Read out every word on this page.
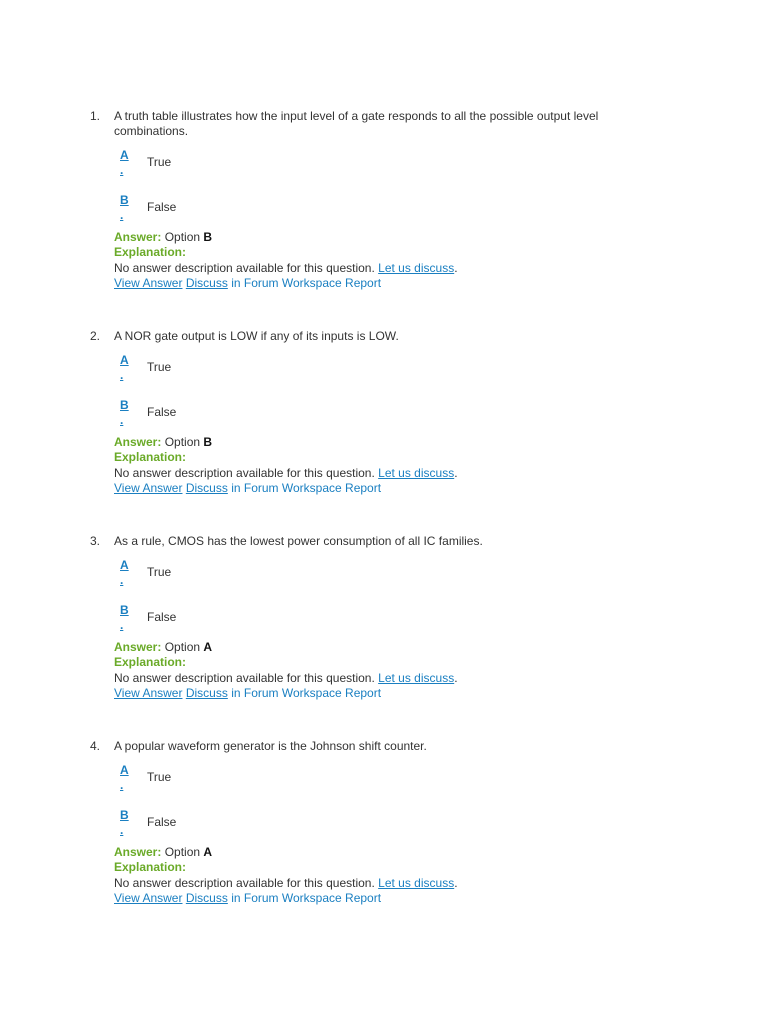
1.	A truth table illustrates how the input level of a gate responds to all the possible output level combinations.
A
.
True
B
.
False
Answer: Option B
Explanation:
No answer description available for this question. Let us discuss.
View Answer Discuss in Forum Workspace Report
2.	A NOR gate output is LOW if any of its inputs is LOW.
A
.
True
B
.
False
Answer: Option B
Explanation:
No answer description available for this question. Let us discuss.
View Answer Discuss in Forum Workspace Report
3.	As a rule, CMOS has the lowest power consumption of all IC families.
A
.
True
B
.
False
Answer: Option A
Explanation:
No answer description available for this question. Let us discuss.
View Answer Discuss in Forum Workspace Report
4.	A popular waveform generator is the Johnson shift counter.
A
.
True
B
.
False
Answer: Option A
Explanation:
No answer description available for this question. Let us discuss.
View Answer Discuss in Forum Workspace Report
